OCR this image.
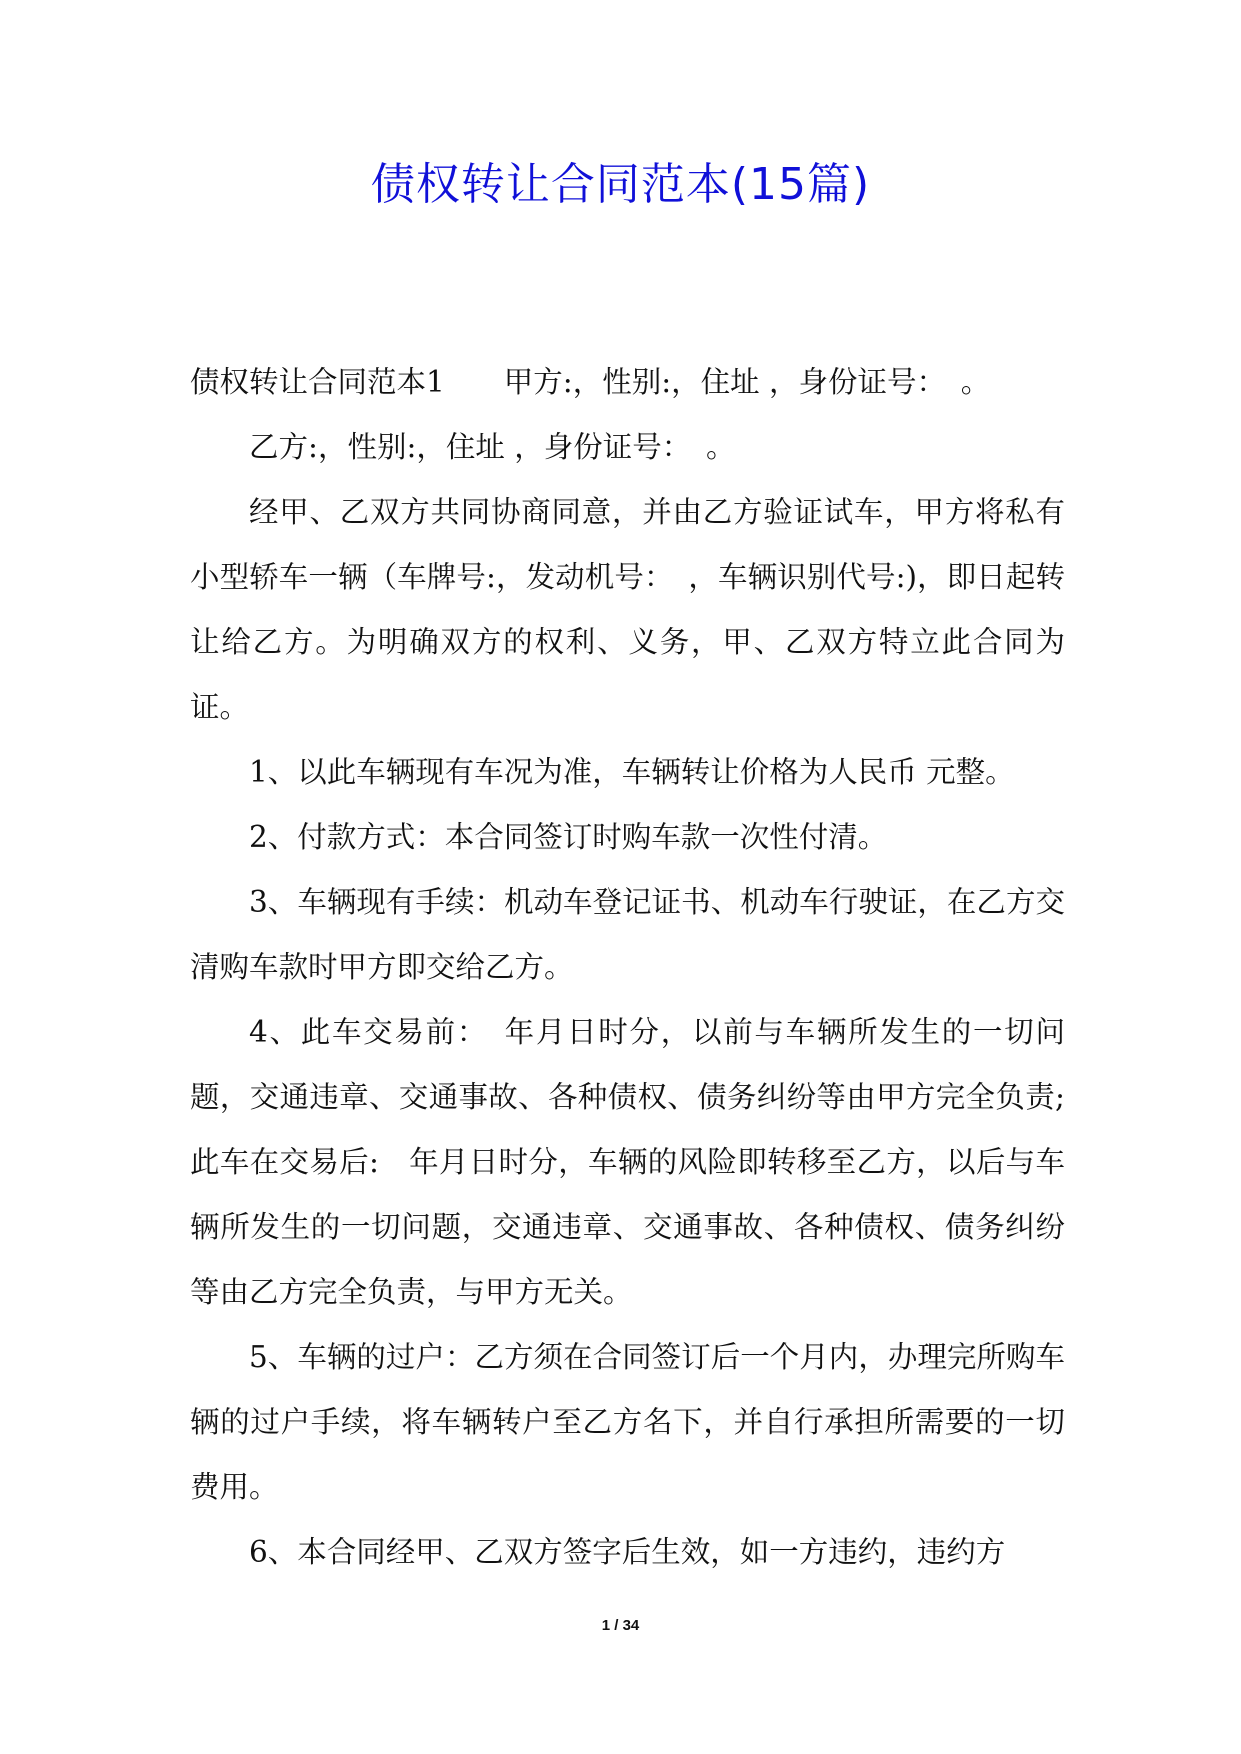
债权转让合同范本(15篇)

债权转让合同范本1　　甲方:，性别:，住址 ，身份证号：　。

乙方:，性别:，住址 ，身份证号：　。

经甲、乙双方共同协商同意，并由乙方验证试车，甲方将私有　小型轿车一辆（车牌号:，发动机号：　，车辆识别代号:)，即日起转让给乙方。为明确双方的权利、义务，甲、乙双方特立此合同为证。

1、以此车辆现有车况为准，车辆转让价格为人民币 元整。

2、付款方式：本合同签订时购车款一次性付清。

3、车辆现有手续：机动车登记证书、机动车行驶证，在乙方交清购车款时甲方即交给乙方。

4、此车交易前：　年月日时分，以前与车辆所发生的一切问题，交通违章、交通事故、各种债权、债务纠纷等由甲方完全负责; 此车在交易后:　年月日时分，车辆的风险即转移至乙方，以后与车辆所发生的一切问题，交通违章、交通事故、各种债权、债务纠纷等由乙方完全负责，与甲方无关。

5、车辆的过户：乙方须在合同签订后一个月内，办理完所购车辆的过户手续，将车辆转户至乙方名下，并自行承担所需要的一切费用。

6、本合同经甲、乙双方签字后生效，如一方违约，违约方

1 / 34
